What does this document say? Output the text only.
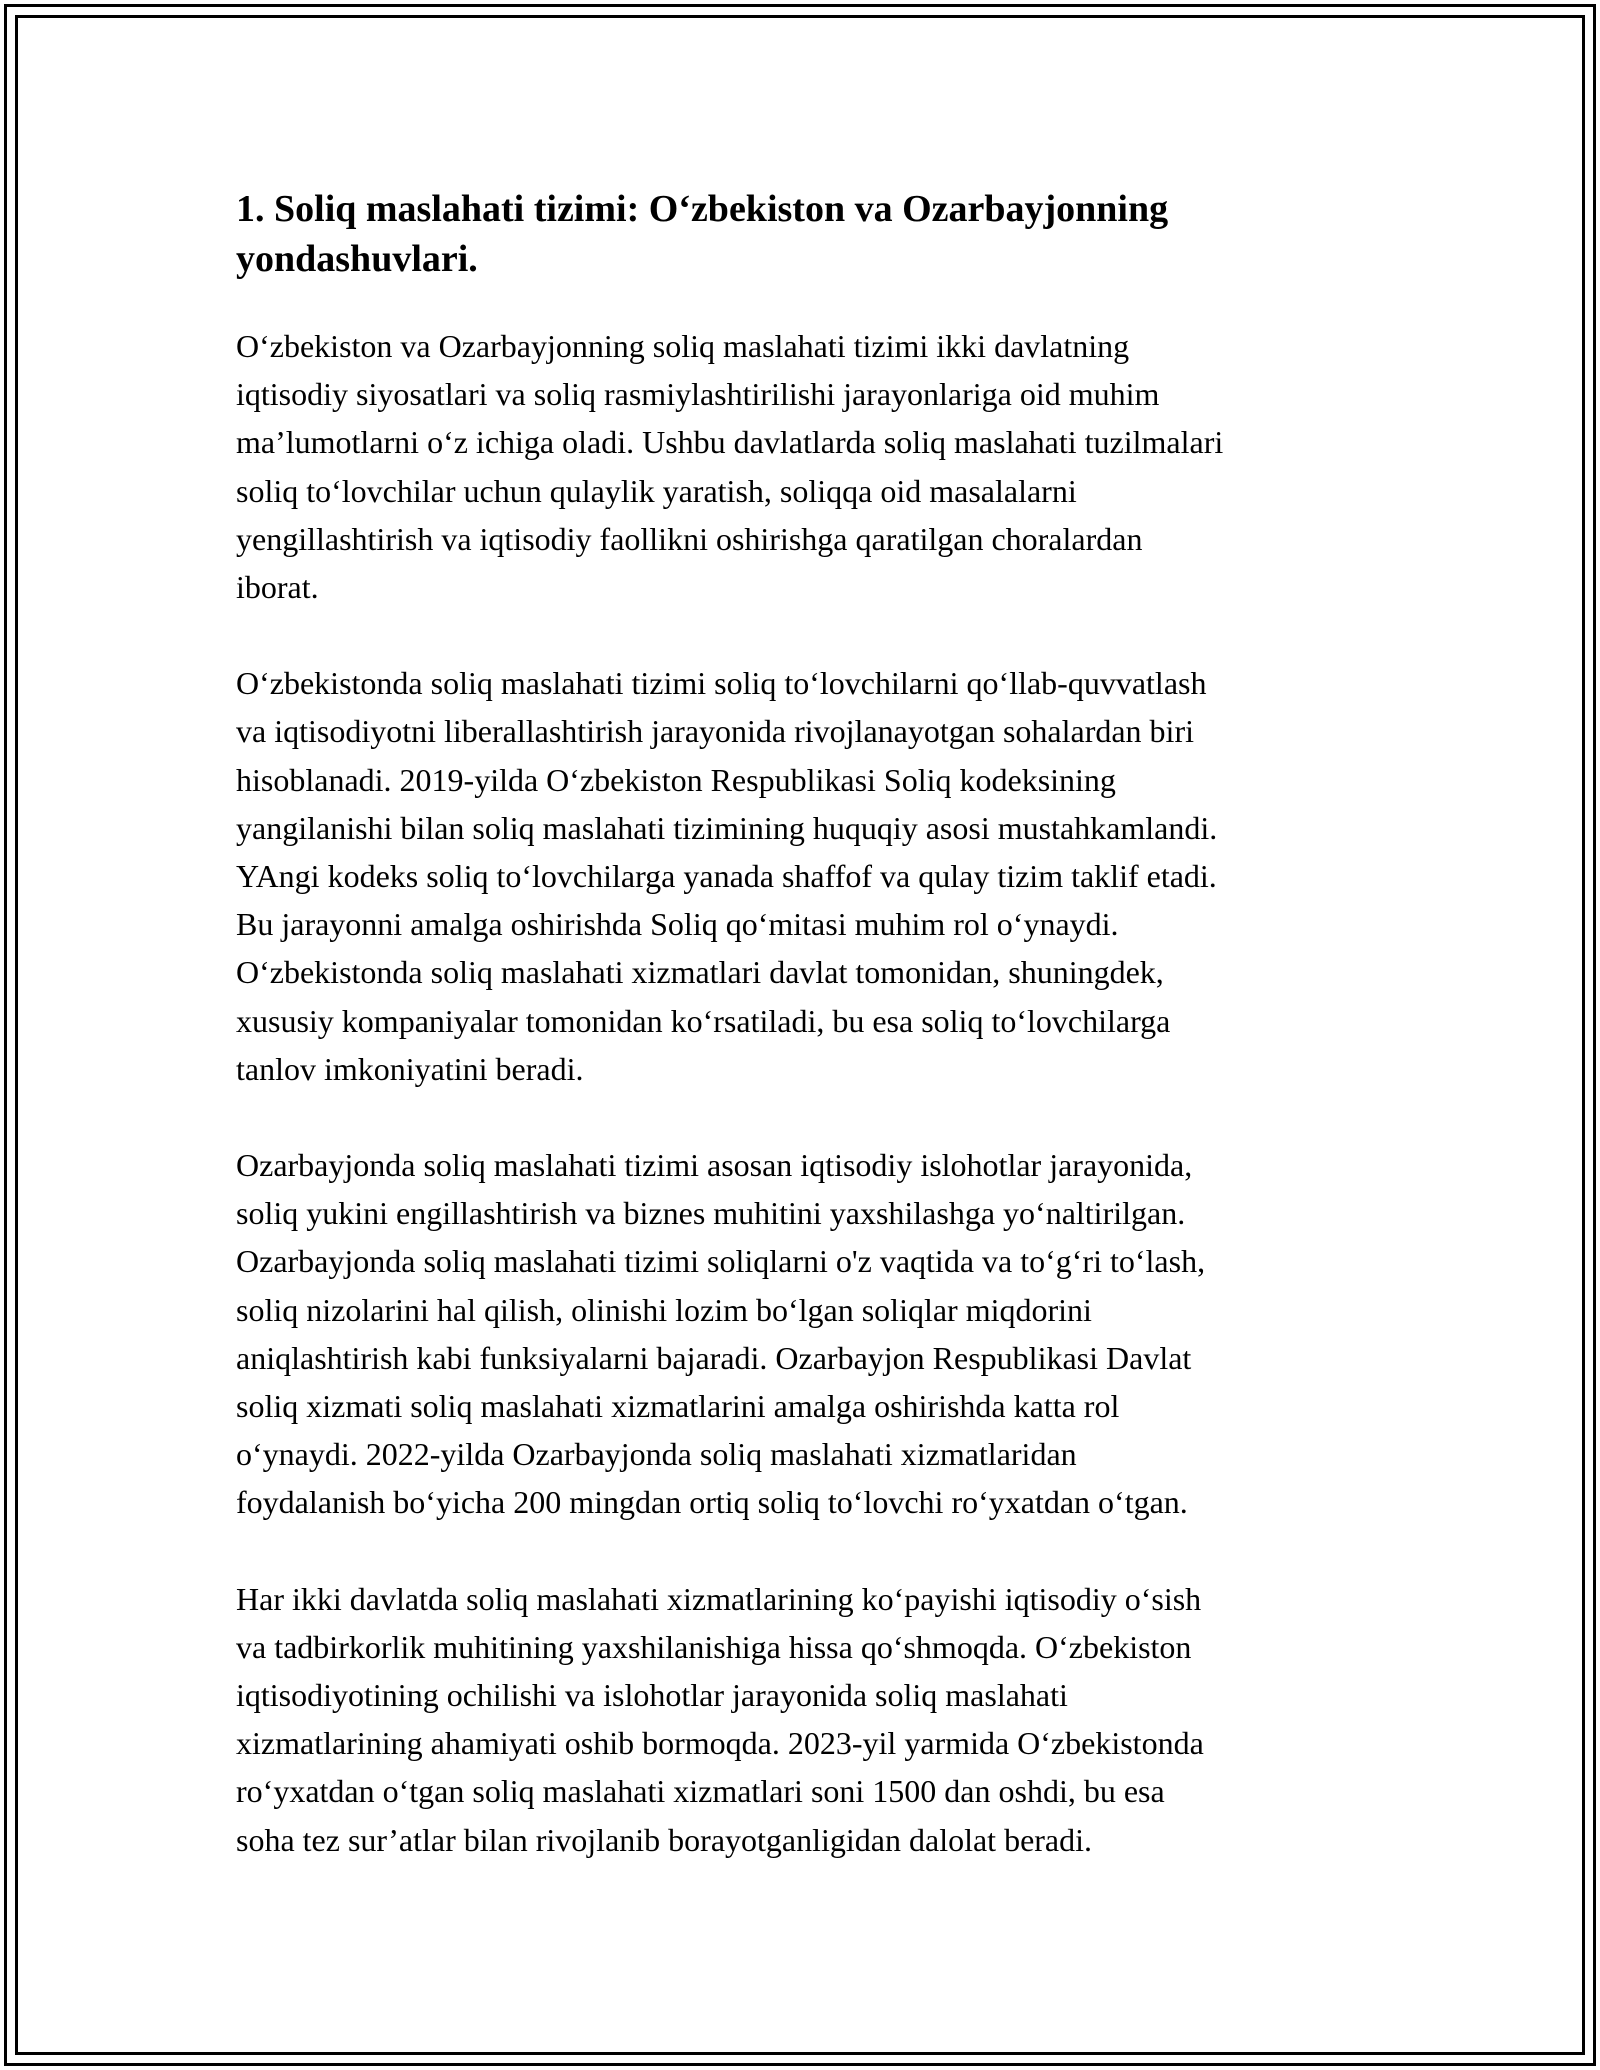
1. Soliq maslahati tizimi: O‘zbekiston va Ozarbayjonning
yondashuvlari.

O‘zbekiston va Ozarbayjonning soliq maslahati tizimi ikki davlatning
iqtisodiy siyosatlari va soliq rasmiylashtirilishi jarayonlariga oid muhim
ma’lumotlarni o‘z ichiga oladi. Ushbu davlatlarda soliq maslahati tuzilmalari
soliq to‘lovchilar uchun qulaylik yaratish, soliqqa oid masalalarni
yengillashtirish va iqtisodiy faollikni oshirishga qaratilgan choralardan
iborat.

O‘zbekistonda soliq maslahati tizimi soliq to‘lovchilarni qo‘llab-quvvatlash
va iqtisodiyotni liberallashtirish jarayonida rivojlanayotgan sohalardan biri
hisoblanadi. 2019-yilda O‘zbekiston Respublikasi Soliq kodeksining
yangilanishi bilan soliq maslahati tizimining huquqiy asosi mustahkamlandi.
YAngi kodeks soliq to‘lovchilarga yanada shaffof va qulay tizim taklif etadi.
Bu jarayonni amalga oshirishda Soliq qo‘mitasi muhim rol o‘ynaydi.
O‘zbekistonda soliq maslahati xizmatlari davlat tomonidan, shuningdek,
xususiy kompaniyalar tomonidan ko‘rsatiladi, bu esa soliq to‘lovchilarga
tanlov imkoniyatini beradi.

Ozarbayjonda soliq maslahati tizimi asosan iqtisodiy islohotlar jarayonida,
soliq yukini engillashtirish va biznes muhitini yaxshilashga yo‘naltirilgan.
Ozarbayjonda soliq maslahati tizimi soliqlarni o'z vaqtida va to‘g‘ri to‘lash,
soliq nizolarini hal qilish, olinishi lozim bo‘lgan soliqlar miqdorini
aniqlashtirish kabi funksiyalarni bajaradi. Ozarbayjon Respublikasi Davlat
soliq xizmati soliq maslahati xizmatlarini amalga oshirishda katta rol
o‘ynaydi. 2022-yilda Ozarbayjonda soliq maslahati xizmatlaridan
foydalanish bo‘yicha 200 mingdan ortiq soliq to‘lovchi ro‘yxatdan o‘tgan.

Har ikki davlatda soliq maslahati xizmatlarining ko‘payishi iqtisodiy o‘sish
va tadbirkorlik muhitining yaxshilanishiga hissa qo‘shmoqda. O‘zbekiston
iqtisodiyotining ochilishi va islohotlar jarayonida soliq maslahati
xizmatlarining ahamiyati oshib bormoqda. 2023-yil yarmida O‘zbekistonda
ro‘yxatdan o‘tgan soliq maslahati xizmatlari soni 1500 dan oshdi, bu esa
soha tez sur’atlar bilan rivojlanib borayotganligidan dalolat beradi.
